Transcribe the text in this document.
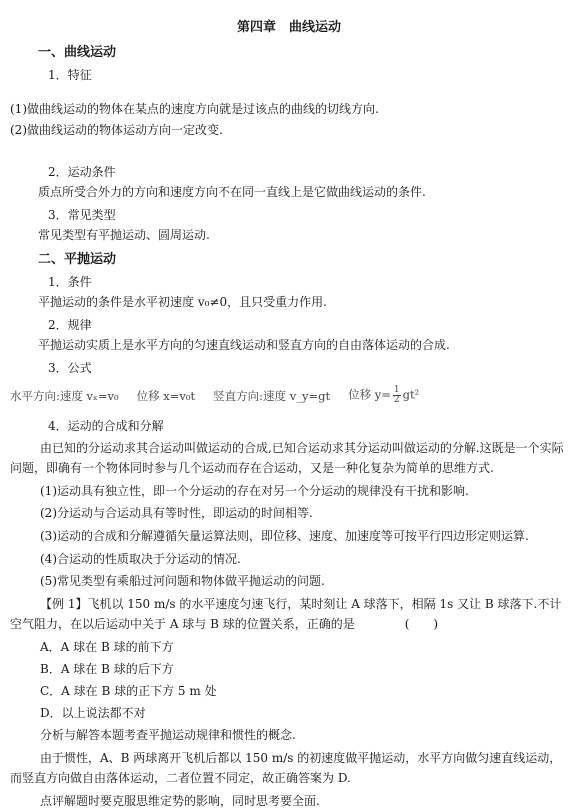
第四章　曲线运动
一、曲线运动
1．特征
(1)做曲线运动的物体在某点的速度方向就是过该点的曲线的切线方向.
(2)做曲线运动的物体运动方向一定改变.
2．运动条件
质点所受合外力的方向和速度方向不在同一直线上是它做曲线运动的条件.
3．常见类型
常见类型有平抛运动、圆周运动.
二、平抛运动
1．条件
平抛运动的条件是水平初速度 v₀≠0，且只受重力作用.
2．规律
平抛运动实质上是水平方向的匀速直线运动和竖直方向的自由落体运动的合成.
3．公式
水平方向:速度 vₓ=v₀ 位移 x=v₀t 竖直方向:速度 v_y=gt 位移 $y= \frac{1}{2} gt^2$
4．运动的合成和分解
由已知的分运动求其合运动叫做运动的合成,已知合运动求其分运动叫做运动的分解.这既是一个实际问题，即确有一个物体同时参与几个运动而存在合运动，又是一种化复杂为简单的思维方式.
(1)运动具有独立性，即一个分运动的存在对另一个分运动的规律没有干扰和影响.
(2)分运动与合运动具有等时性，即运动的时间相等.
(3)运动的合成和分解遵循矢量运算法则，即位移、速度、加速度等可按平行四边形定则运算.
(4)合运动的性质取决于分运动的情况.
(5)常见类型有乘船过河问题和物体做平抛运动的问题.
【例 1】飞机以 150 m/s 的水平速度匀速飞行，某时刻让 A 球落下，相隔 1s 又让 B 球落下.不计空气阻力，在以后运动中关于 A 球与 B 球的位置关系，正确的是	(　　)
A．A 球在 B 球的前下方
B．A 球在 B 球的后下方
C．A 球在 B 球的正下方 5 m 处
D．以上说法都不对
分析与解答本题考查平抛运动规律和惯性的概念.
由于惯性，A、B 两球离开飞机后都以 150 m/s 的初速度做平抛运动，水平方向做匀速直线运动，而竖直方向做自由落体运动，二者位置不同定，故正确答案为 D.
点评解题时要克服思维定势的影响，同时思考要全面.
